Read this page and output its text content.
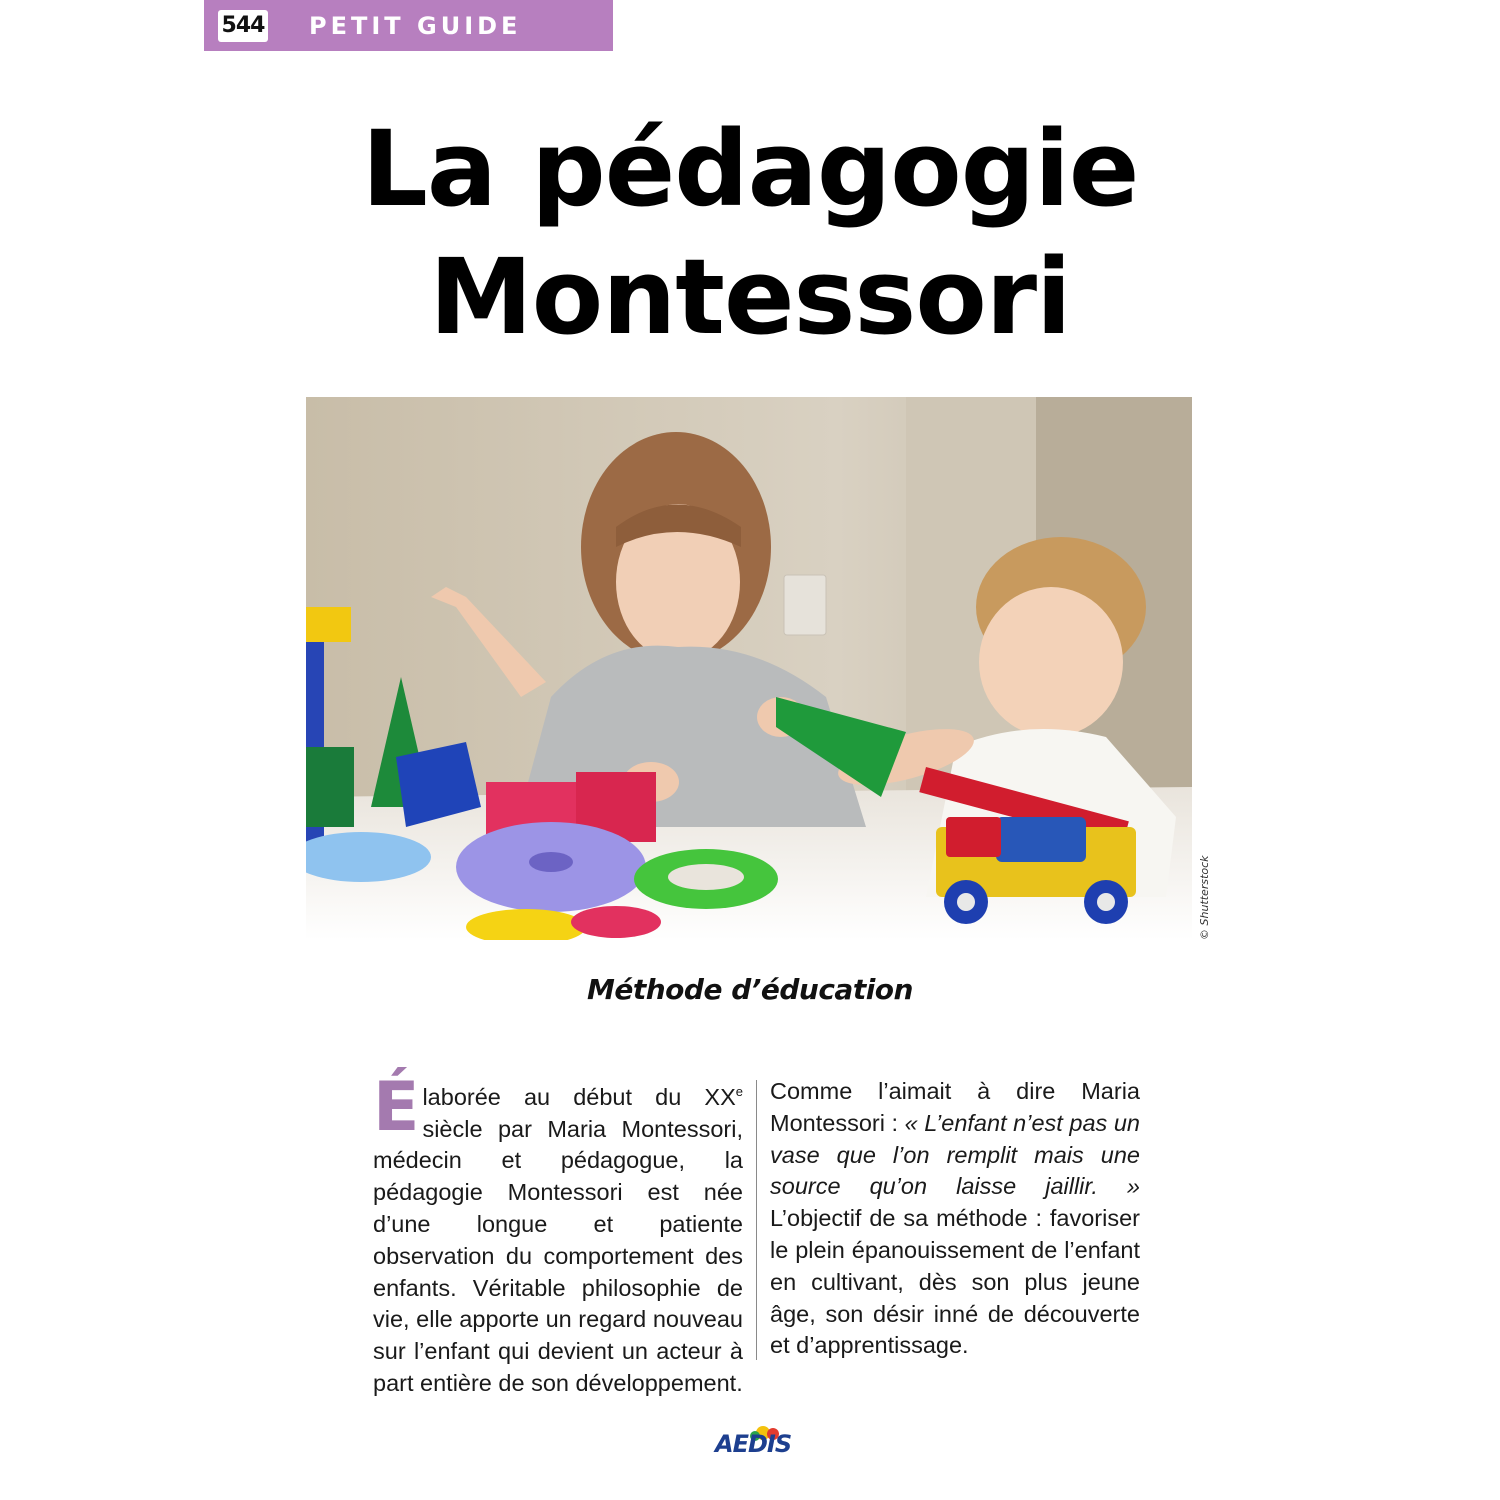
544 PETIT GUIDE
La pédagogie
Montessori
© Shutterstock
Méthode d’éducation
Élaborée au début du XXe siècle par Maria Montessori, médecin et pédagogue, la pédagogie Montessori est née d’une longue et patiente observation du comportement des enfants. Véritable philosophie de vie, elle apporte un regard nouveau sur l’enfant qui devient un acteur à part entière de son développement.
Comme l’aimait à dire Maria Montessori : « L’enfant n’est pas un vase que l’on remplit mais une source qu’on laisse jaillir. » L’objectif de sa méthode : favoriser le plein épanouissement de l’enfant en cultivant, dès son plus jeune âge, son désir inné de découverte et d’apprentissage.
AEDIS
